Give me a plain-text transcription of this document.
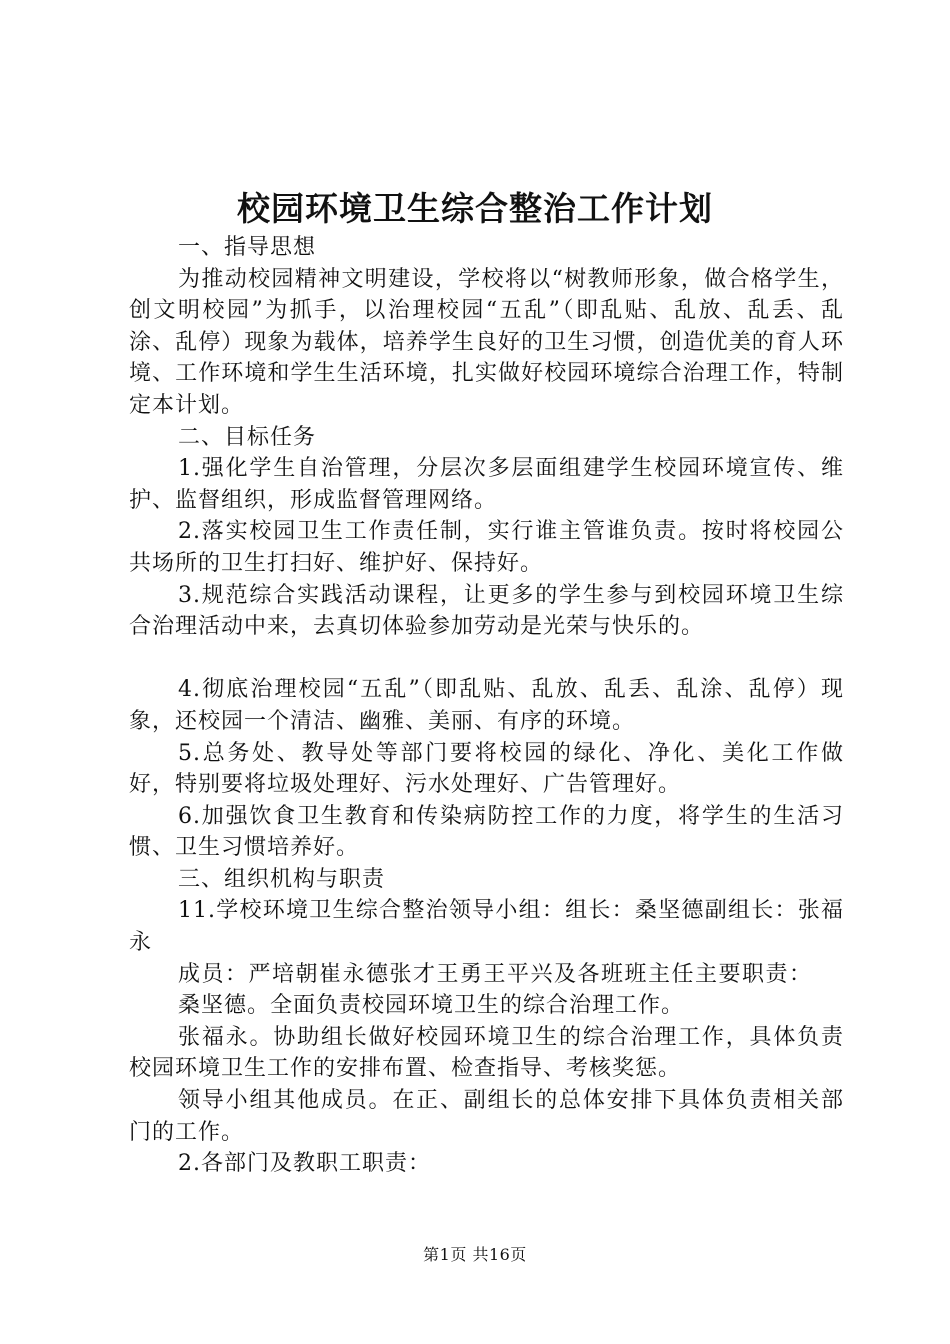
校园环境卫生综合整治工作计划

一、指导思想

为推动校园精神文明建设，学校将以“树教师形象，做合格学生，创文明校园”为抓手，以治理校园“五乱”（即乱贴、乱放、乱丢、乱涂、乱停）现象为载体，培养学生良好的卫生习惯，创造优美的育人环境、工作环境和学生生活环境，扎实做好校园环境综合治理工作，特制定本计划。

二、目标任务

1.强化学生自治管理，分层次多层面组建学生校园环境宣传、维护、监督组织，形成监督管理网络。

2.落实校园卫生工作责任制，实行谁主管谁负责。按时将校园公共场所的卫生打扫好、维护好、保持好。

3.规范综合实践活动课程，让更多的学生参与到校园环境卫生综合治理活动中来，去真切体验参加劳动是光荣与快乐的。

4.彻底治理校园“五乱”（即乱贴、乱放、乱丢、乱涂、乱停）现象，还校园一个清洁、幽雅、美丽、有序的环境。

5.总务处、教导处等部门要将校园的绿化、净化、美化工作做好，特别要将垃圾处理好、污水处理好、广告管理好。

6.加强饮食卫生教育和传染病防控工作的力度，将学生的生活习惯、卫生习惯培养好。

三、组织机构与职责

11.学校环境卫生综合整治领导小组：组长：桑坚德副组长：张福永

成员：严培朝崔永德张才王勇王平兴及各班班主任主要职责：

桑坚德。全面负责校园环境卫生的综合治理工作。

张福永。协助组长做好校园环境卫生的综合治理工作，具体负责校园环境卫生工作的安排布置、检查指导、考核奖惩。

领导小组其他成员。在正、副组长的总体安排下具体负责相关部门的工作。

2.各部门及教职工职责：

第1页 共16页
